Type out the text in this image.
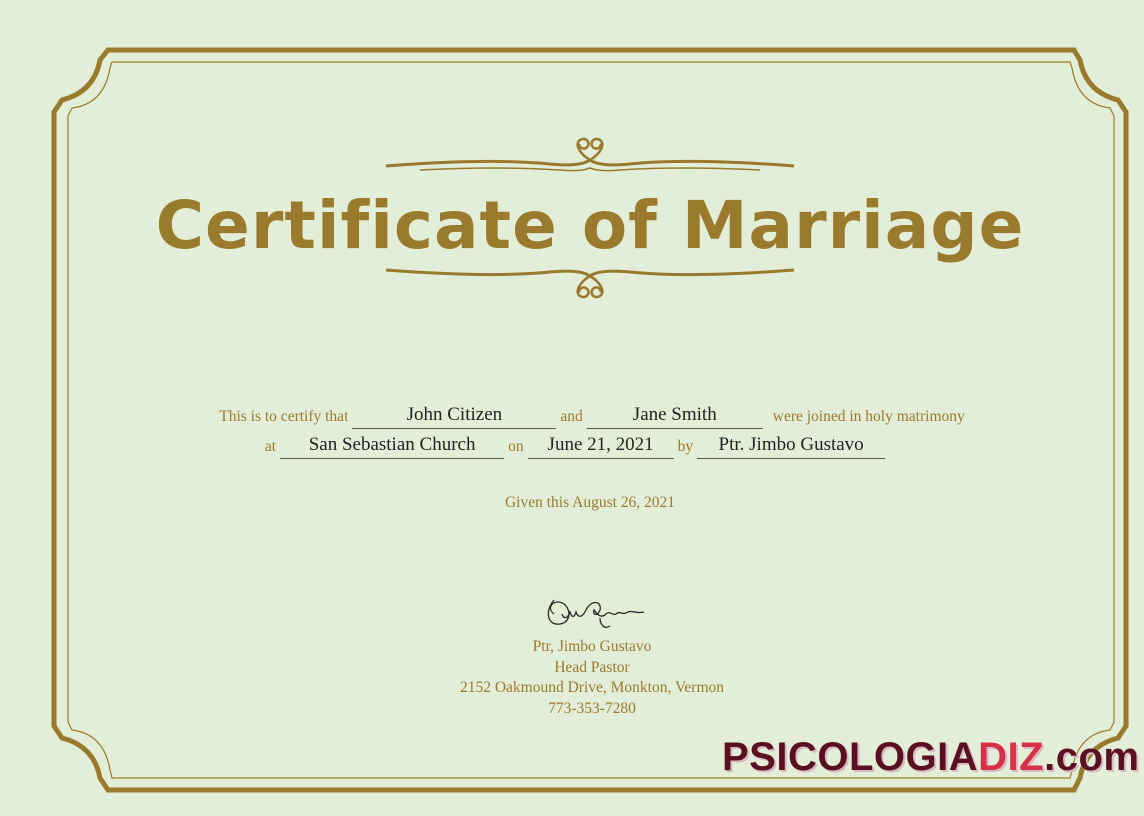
Certificate of Marriage
This is to certify that	John Citizen	and	Jane Smith	were joined in holy matrimony
at	San Sebastian Church	on	June 21, 2021	by	Ptr. Jimbo Gustavo
Given this August 26, 2021
Ptr, Jimbo Gustavo
Head Pastor
2152 Oakmound Drive, Monkton, Vermon
773-353-7280
PSICOLOGIADIZ.com
